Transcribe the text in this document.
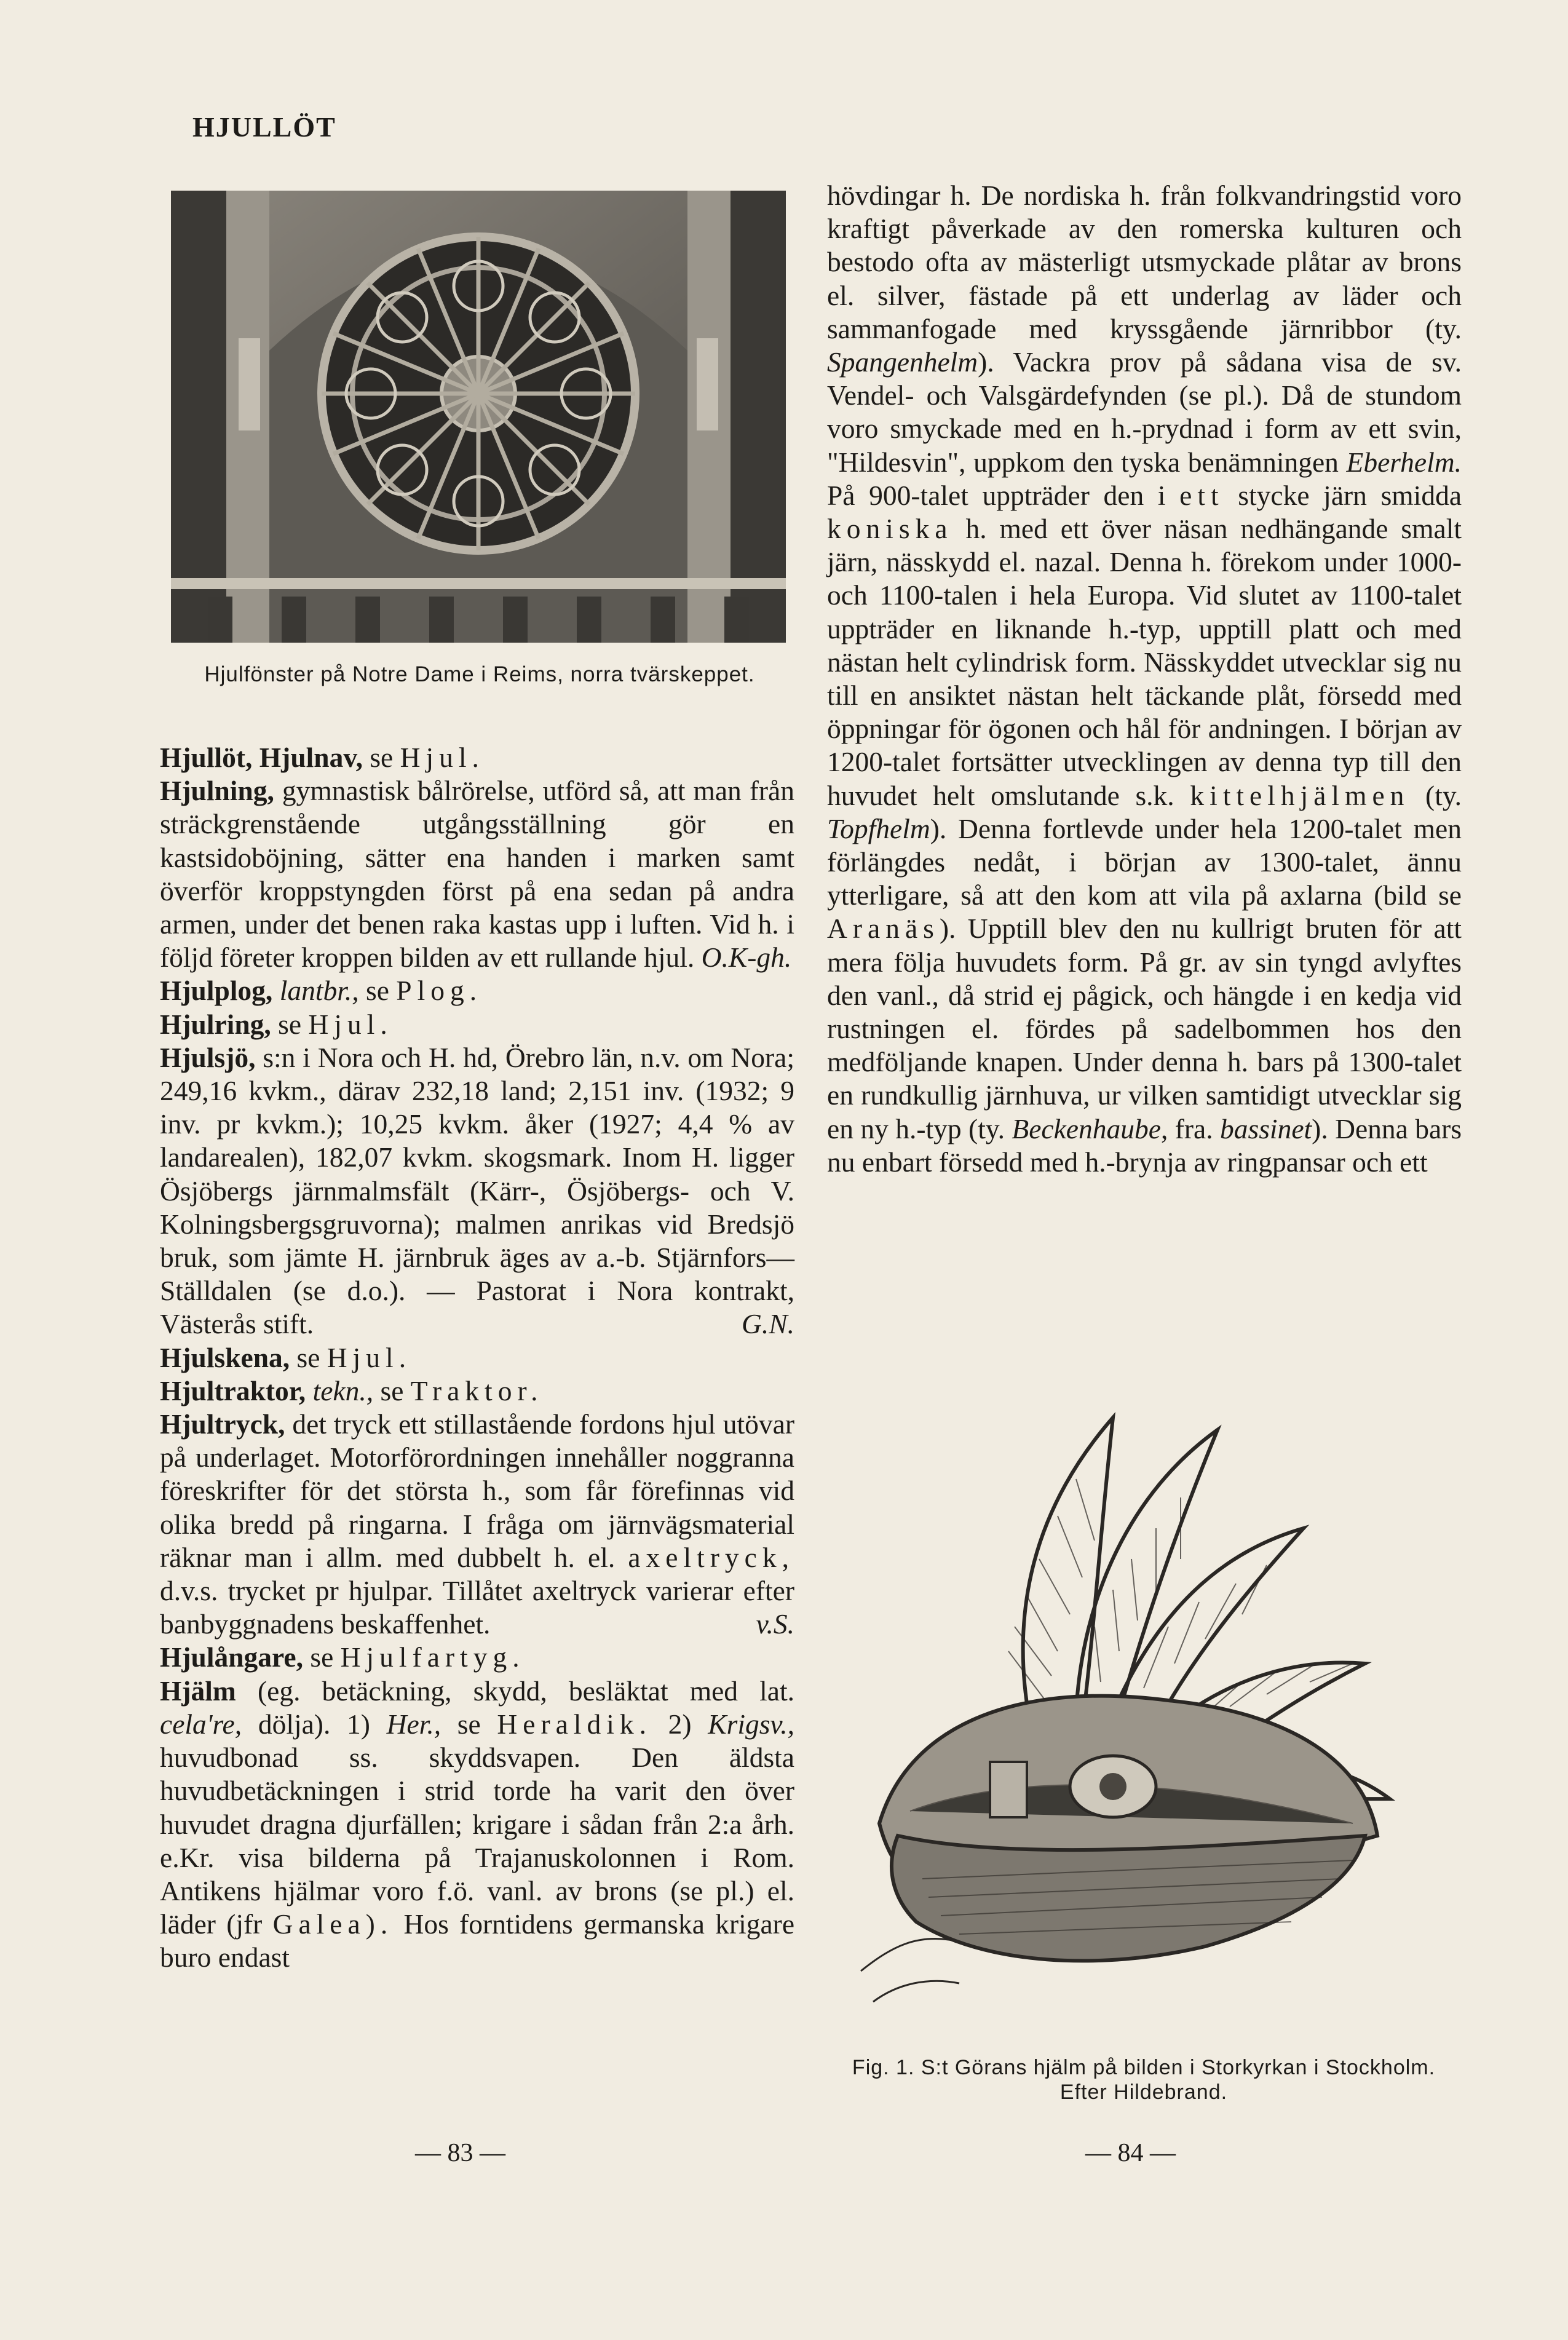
HJULLÖT
Hjulfönster på Notre Dame i Reims, norra tvärskeppet.

Hjullöt, Hjulnav, se Hjul.

Hjulning, gymnastisk bålrörelse, utförd så, att man från sträckgrenstående utgångsställning gör en kastsidoböjning, sätter ena handen i marken samt överför kroppstyngden först på ena sedan på andra armen, under det benen raka kastas upp i luften. Vid h. i följd företer kroppen bilden av ett rullande hjul. O.K-gh.

Hjulplog, lantbr., se Plog.

Hjulring, se Hjul.

Hjulsjö, s:n i Nora och H. hd, Örebro län, n.v. om Nora; 249,16 kvkm., därav 232,18 land; 2,151 inv. (1932; 9 inv. pr kvkm.); 10,25 kvkm. åker (1927; 4,4 % av landarealen), 182,07 kvkm. skogsmark. Inom H. ligger Ösjöbergs järnmalmsfält (Kärr-, Ösjöbergs- och V. Kolningsbergsgruvorna); malmen anrikas vid Bredsjö bruk, som jämte H. järnbruk äges av a.-b. Stjärnfors—Ställdalen (se d.o.). — Pastorat i Nora kontrakt, Västerås stift.	G.N.

Hjulskena, se Hjul.

Hjultraktor, tekn., se Traktor.

Hjultryck, det tryck ett stillastående fordons hjul utövar på underlaget. Motorförordningen innehåller noggranna föreskrifter för det största h., som får förefinnas vid olika bredd på ringarna. I fråga om järnvägsmaterial räknar man i allm. med dubbelt h. el. axeltryck, d.v.s. trycket pr hjulpar. Tillåtet axeltryck varierar efter banbyggnadens beskaffenhet.	v.S.

Hjulångare, se Hjulfartyg.

Hjälm (eg. betäckning, skydd, besläktat med lat. cela're, dölja). 1) Her., se Heraldik. 2) Krigsv., huvudbonad ss. skyddsvapen. Den äldsta huvudbetäckningen i strid torde ha varit den över huvudet dragna djurfällen; krigare i sådan från 2:a årh. e.Kr. visa bilderna på Trajanuskolonnen i Rom. Antikens hjälmar voro f.ö. vanl. av brons (se pl.) el. läder (jfr Galea). Hos forntidens germanska krigare buro endast

hövdingar h. De nordiska h. från folkvandringstid voro kraftigt påverkade av den romerska kulturen och bestodo ofta av mästerligt utsmyckade plåtar av brons el. silver, fästade på ett underlag av läder och sammanfogade med kryssgående järnribbor (ty. Spangenhelm). Vackra prov på sådana visa de sv. Vendel- och Valsgärdefynden (se pl.). Då de stundom voro smyckade med en h.-prydnad i form av ett svin, "Hildesvin", uppkom den tyska benämningen Eberhelm. På 900-talet uppträder den i ett stycke järn smidda koniska h. med ett över näsan nedhängande smalt järn, nässkydd el. nazal. Denna h. förekom under 1000- och 1100-talen i hela Europa. Vid slutet av 1100-talet uppträder en liknande h.-typ, upptill platt och med nästan helt cylindrisk form. Nässkyddet utvecklar sig nu till en ansiktet nästan helt täckande plåt, försedd med öppningar för ögonen och hål för andningen. I början av 1200-talet fortsätter utvecklingen av denna typ till den huvudet helt omslutande s.k. kittelhjälmen (ty. Topfhelm). Denna fortlevde under hela 1200-talet men förlängdes nedåt, i början av 1300-talet, ännu ytterligare, så att den kom att vila på axlarna (bild se Aranäs). Upptill blev den nu kullrigt bruten för att mera följa huvudets form. På gr. av sin tyngd avlyftes den vanl., då strid ej pågick, och hängde i en kedja vid rustningen el. fördes på sadelbommen hos den medföljande knapen. Under denna h. bars på 1300-talet en rundkullig järnhuva, ur vilken samtidigt utvecklar sig en ny h.-typ (ty. Beckenhaube, fra. bassinet). Denna bars nu enbart försedd med h.-brynja av ringpansar och ett

Fig. 1. S:t Görans hjälm på bilden i Storkyrkan i Stockholm. Efter Hildebrand.
— 83 —	— 84 —
